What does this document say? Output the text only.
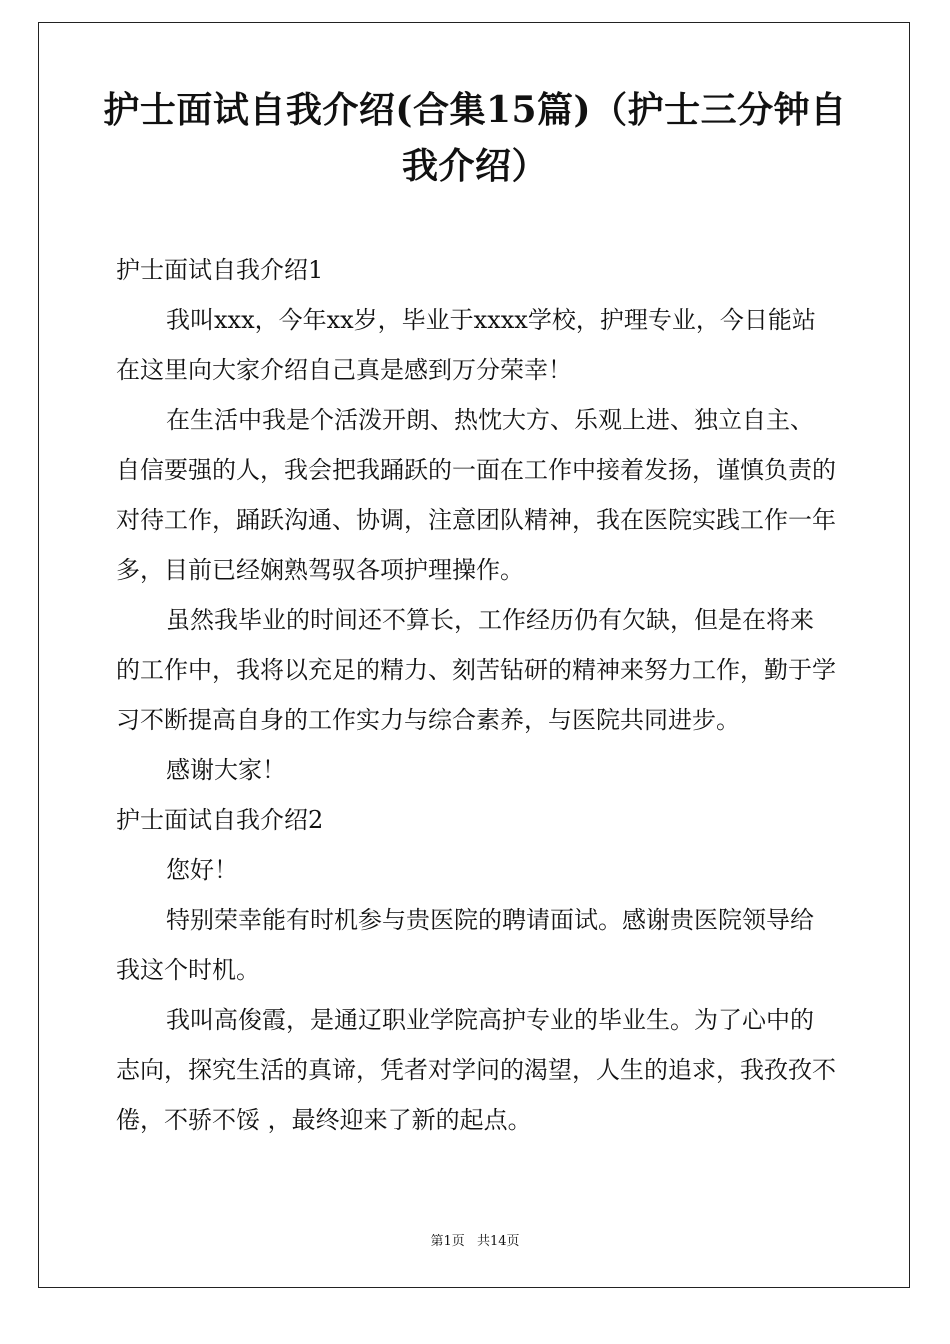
护士面试自我介绍(合集15篇)（护士三分钟自我介绍）

护士面试自我介绍1

我叫xxx，今年xx岁，毕业于xxxx学校，护理专业，今日能站在这里向大家介绍自己真是感到万分荣幸！

在生活中我是个活泼开朗、热忱大方、乐观上进、独立自主、自信要强的人，我会把我踊跃的一面在工作中接着发扬，谨慎负责的对待工作，踊跃沟通、协调，注意团队精神，我在医院实践工作一年多，目前已经娴熟驾驭各项护理操作。

虽然我毕业的时间还不算长，工作经历仍有欠缺，但是在将来的工作中，我将以充足的精力、刻苦钻研的精神来努力工作，勤于学习不断提高自身的工作实力与综合素养，与医院共同进步。

感谢大家！

护士面试自我介绍2

您好！

特别荣幸能有时机参与贵医院的聘请面试。感谢贵医院领导给我这个时机。

我叫高俊霞，是通辽职业学院高护专业的毕业生。为了心中的志向，探究生活的真谛，凭者对学问的渴望，人生的追求，我孜孜不倦，不骄不馁 ，最终迎来了新的起点。

第1页 共14页
